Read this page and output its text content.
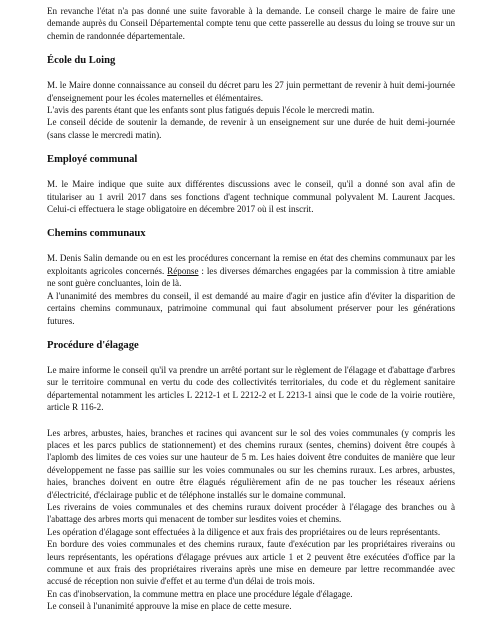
En revanche l'état n'a pas donné une suite favorable à la demande. Le conseil charge le maire de faire une demande auprès du Conseil Départemental compte tenu que cette passerelle au dessus du loing se trouve sur un chemin de randonnée départementale.

École du Loing

M. le Maire donne connaissance au conseil du décret paru les 27 juin permettant de revenir à huit demi-journée d'enseignement pour les écoles maternelles et élémentaires.

L'avis des parents étant que les enfants sont plus fatigués depuis l'école le mercredi matin.

Le conseil décide de soutenir la demande, de revenir à un enseignement sur une durée de huit demi-journée (sans classe le mercredi matin).

Employé communal

M. le Maire indique que suite aux différentes discussions avec le conseil, qu'il a donné son aval afin de titulariser au 1 avril 2017 dans ses fonctions d'agent technique communal polyvalent M. Laurent Jacques. Celui-ci effectuera le stage obligatoire en décembre 2017 où il est inscrit.

Chemins communaux

M. Denis Salin demande ou en est les procédures concernant la remise en état des chemins communaux par les exploitants agricoles concernés. Réponse : les diverses démarches engagées par la commission à titre amiable ne sont guère concluantes, loin de là.

A l'unanimité des membres du conseil, il est demandé au maire d'agir en justice afin d'éviter la disparition de certains chemins communaux, patrimoine communal qui faut absolument préserver pour les générations futures.

Procédure d'élagage

Le maire informe le conseil qu'il va prendre un arrêté portant sur le règlement de l'élagage et d'abattage d'arbres sur le territoire communal en vertu du code des collectivités territoriales, du code et du règlement sanitaire départemental notamment les articles L 2212-1 et L 2212-2 et L 2213-1 ainsi que le code de la voirie routière, article R 116-2.

Les arbres, arbustes, haies, branches et racines qui avancent sur le sol des voies communales (y compris les places et les parcs publics de stationnement) et des chemins ruraux (sentes, chemins) doivent être coupés à l'aplomb des limites de ces voies sur une hauteur de 5 m. Les haies doivent être conduites de manière que leur développement ne fasse pas saillie sur les voies communales ou sur les chemins ruraux. Les arbres, arbustes, haies, branches doivent en outre être élagués régulièrement afin de ne pas toucher les réseaux aériens d'électricité, d'éclairage public et de téléphone installés sur le domaine communal.

Les riverains de voies communales et des chemins ruraux doivent procéder à l'élagage des branches ou à l'abattage des arbres morts qui menacent de tomber sur lesdites voies et chemins.

Les opération d'élagage sont effectuées à la diligence et aux frais des propriétaires ou de leurs représentants.

En bordure des voies communales et des chemins ruraux, faute d'exécution par les propriétaires riverains ou leurs représentants, les opérations d'élagage prévues aux article 1 et 2 peuvent être exécutées d'office par la commune et aux frais des propriétaires riverains après une mise en demeure par lettre recommandée avec accusé de réception non suivie d'effet et au terme d'un délai de trois mois.

En cas d'inobservation, la commune mettra en place une procédure légale d'élagage.

Le conseil à l'unanimité approuve la mise en place de cette mesure.
